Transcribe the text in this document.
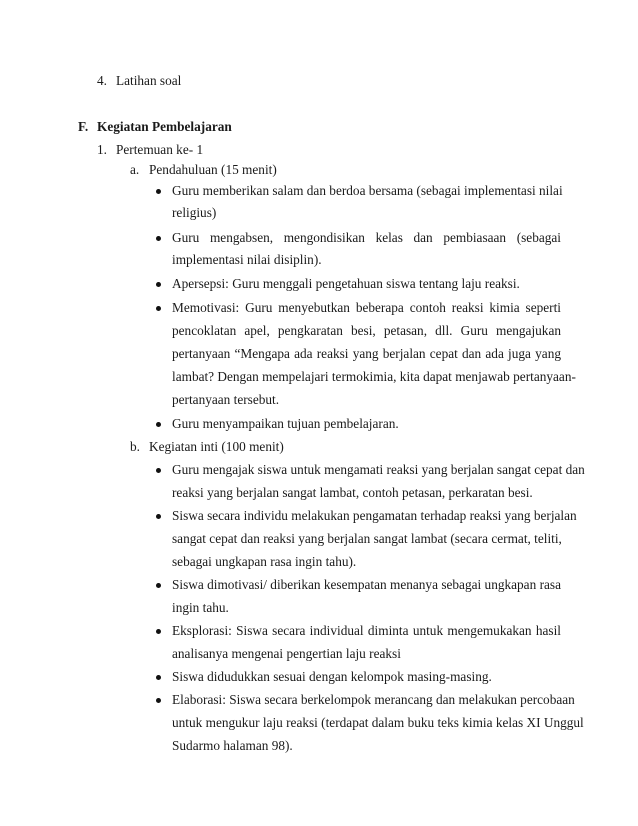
4. Latihan soal
F. Kegiatan Pembelajaran
1. Pertemuan ke- 1
a. Pendahuluan (15 menit)
Guru memberikan salam dan berdoa bersama (sebagai implementasi nilai
religius)
Guru mengabsen, mengondisikan kelas dan pembiasaan (sebagai
implementasi nilai disiplin).
Apersepsi: Guru menggali pengetahuan siswa tentang laju reaksi.
Memotivasi: Guru menyebutkan beberapa contoh reaksi kimia seperti
pencoklatan apel, pengkaratan besi, petasan, dll. Guru mengajukan
pertanyaan “Mengapa ada reaksi yang berjalan cepat dan ada juga yang
lambat? Dengan mempelajari termokimia, kita dapat menjawab pertanyaan-
pertanyaan tersebut.
Guru menyampaikan tujuan pembelajaran.
b. Kegiatan inti (100 menit)
Guru mengajak siswa untuk mengamati reaksi yang berjalan sangat cepat dan
reaksi yang berjalan sangat lambat, contoh petasan, perkaratan besi.
Siswa secara individu melakukan pengamatan terhadap reaksi yang berjalan
sangat cepat dan reaksi yang berjalan sangat lambat (secara cermat, teliti,
sebagai ungkapan rasa ingin tahu).
Siswa dimotivasi/ diberikan kesempatan menanya sebagai ungkapan rasa
ingin tahu.
Eksplorasi: Siswa secara individual diminta untuk mengemukakan hasil
analisanya mengenai pengertian laju reaksi
Siswa didudukkan sesuai dengan kelompok masing-masing.
Elaborasi: Siswa secara berkelompok merancang dan melakukan percobaan
untuk mengukur laju reaksi (terdapat dalam buku teks kimia kelas XI Unggul
Sudarmo halaman 98).
